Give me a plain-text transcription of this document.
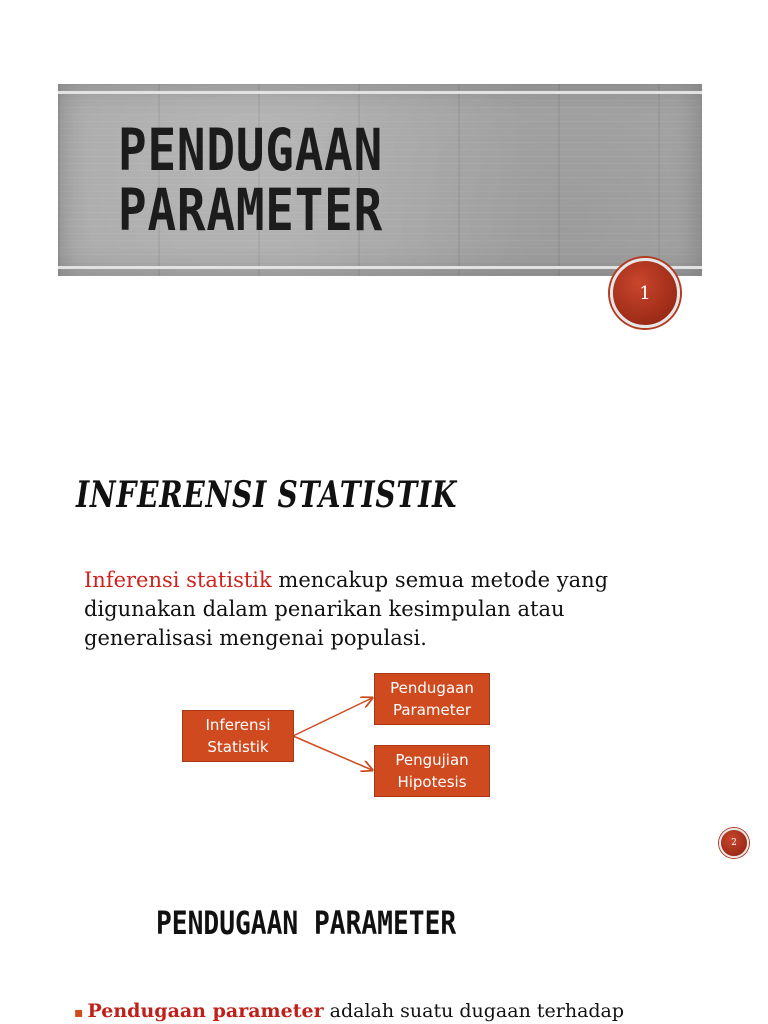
PENDUGAAN
PARAMETER
1
INFERENSI STATISTIK
Inferensi statistik mencakup semua metode yang digunakan dalam penarikan kesimpulan atau generalisasi mengenai populasi.
Inferensi
Statistik
Pendugaan
Parameter
Pengujian
Hipotesis
2
PENDUGAAN PARAMETER
▪ Pendugaan parameter adalah suatu dugaan terhadap
